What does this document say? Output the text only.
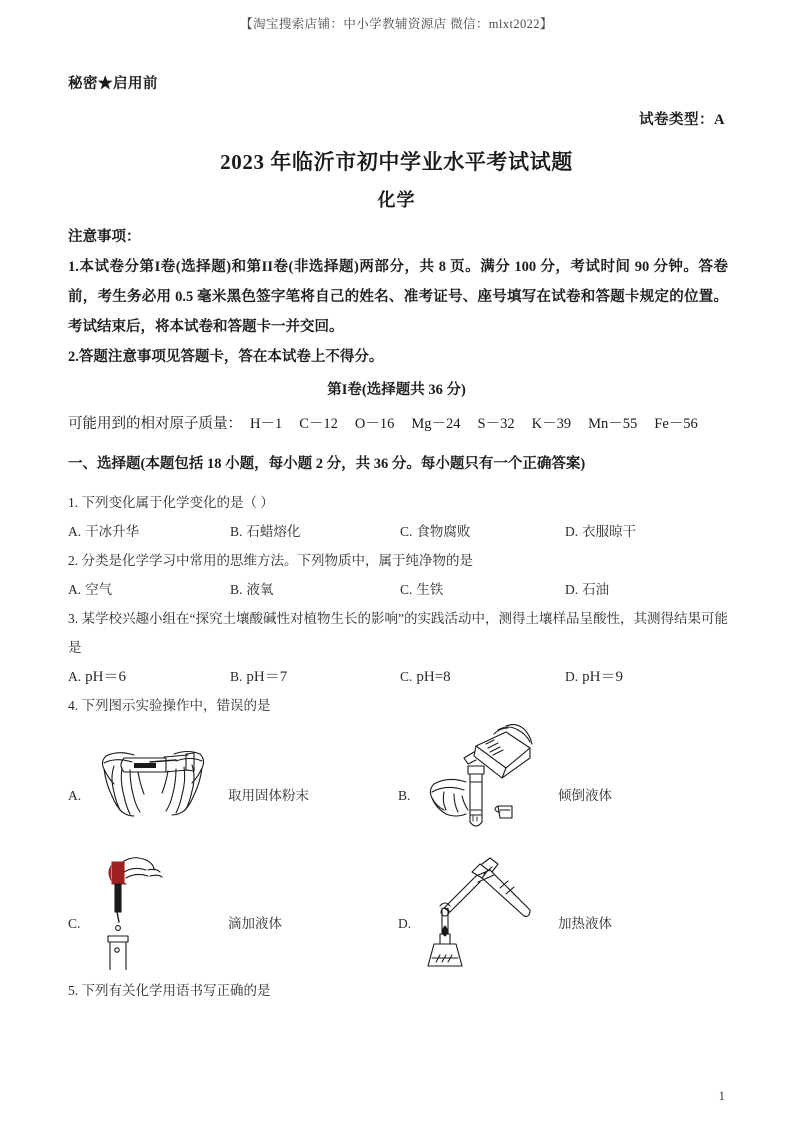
【淘宝搜索店铺：中小学教辅资源店 微信：mlxt2022】
秘密★启用前
试卷类型：A
2023 年临沂市初中学业水平考试试题
化学
注意事项：
1.本试卷分第I卷(选择题)和第II卷(非选择题)两部分，共 8 页。满分 100 分，考试时间 90 分钟。答卷前，考生务必用 0.5 毫米黑色签字笔将自己的姓名、准考证号、座号填写在试卷和答题卡规定的位置。考试结束后，将本试卷和答题卡一并交回。
2.答题注意事项见答题卡，答在本试卷上不得分。
第I卷(选择题共 36 分)
可能用到的相对原子质量： H－1 C－12 O－16 Mg－24 S－32 K－39 Mn－55 Fe－56
一、选择题(本题包括 18 小题，每小题 2 分，共 36 分。每小题只有一个正确答案)
1. 下列变化属于化学变化的是（ ）
A. 干冰升华	B. 石蜡熔化	C. 食物腐败	D. 衣服晾干
2. 分类是化学学习中常用的思维方法。下列物质中，属于纯净物的是
A. 空气	B. 液氧	C. 生铁	D. 石油
3. 某学校兴趣小组在“探究土壤酸碱性对植物生长的影响”的实践活动中，测得土壤样品呈酸性，其测得结果可能是
A. pH＝6	B. pH＝7	C. pH=8	D. pH＝9
4. 下列图示实验操作中，错误的是
A.	取用固体粉末	B.	倾倒液体
C.	滴加液体	D.	加热液体
5. 下列有关化学用语书写正确的是
1
